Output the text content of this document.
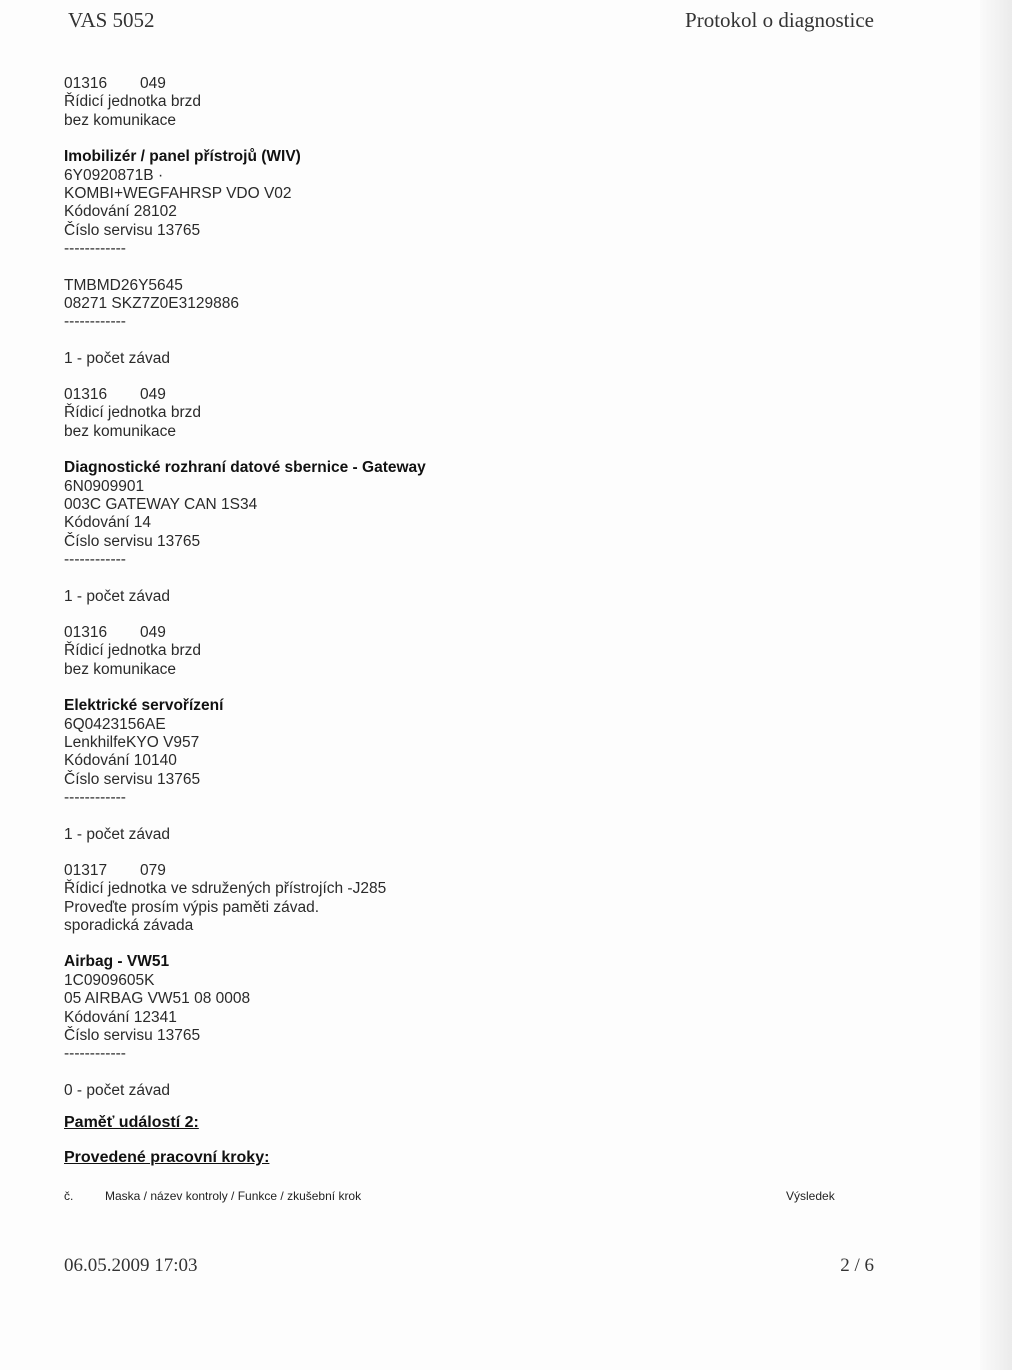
VAS 5052	Protokol o diagnostice
01316 049
Řídicí jednotka brzd
bez komunikace
Imobilizér / panel přístrojů (WIV)
6Y0920871B ·
KOMBI+WEGFAHRSP VDO V02
Kódování 28102
Číslo servisu 13765
------------
TMBMD26Y5645
08271 SKZ7Z0E3129886
------------
1 - počet závad
01316 049
Řídicí jednotka brzd
bez komunikace
Diagnostické rozhraní datové sbernice - Gateway
6N0909901
003C GATEWAY CAN 1S34
Kódování 14
Číslo servisu 13765
------------
1 - počet závad
01316 049
Řídicí jednotka brzd
bez komunikace
Elektrické servořízení
6Q0423156AE
LenkhilfeKYO V957
Kódování 10140
Číslo servisu 13765
------------
1 - počet závad
01317 079
Řídicí jednotka ve sdružených přístrojích -J285
Proveďte prosím výpis paměti závad.
sporadická závada
Airbag - VW51
1C0909605K
05 AIRBAG VW51 08 0008
Kódování 12341
Číslo servisu 13765
------------
0 - počet závad
Paměť událostí 2:
Provedené pracovní kroky:
č.	Maska / název kontroly / Funkce / zkušební krok	Výsledek
06.05.2009 17:03	2 / 6
